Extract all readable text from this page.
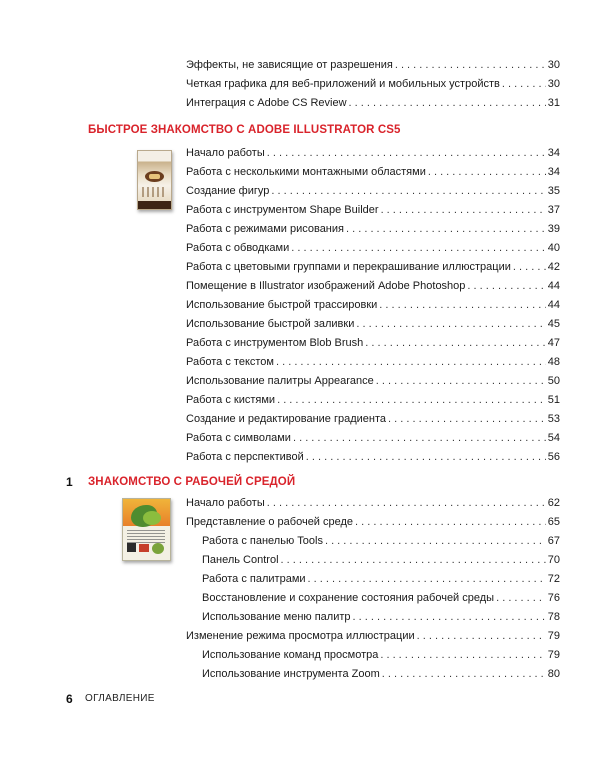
Эффекты, не зависящие от разрешения . . .	30
Четкая графика для веб-приложений и мобильных устройств . . .	30
Интеграция с Adobe CS Review . . .	31
БЫСТРОЕ ЗНАКОМСТВО С ADOBE ILLUSTRATOR CS5
Начало работы . . .	34
Работа с несколькими монтажными областями . . .	34
Создание фигур . . .	35
Работа с инструментом Shape Builder . . .	37
Работа с режимами рисования . . .	39
Работа с обводками . . .	40
Работа с цветовыми группами и перекрашивание иллюстрации . . .	42
Помещение в Illustrator изображений Adobe Photoshop . . .	44
Использование быстрой трассировки . . .	44
Использование быстрой заливки . . .	45
Работа с инструментом Blob Brush . . .	47
Работа с текстом . . .	48
Использование палитры Appearance . . .	50
Работа с кистями . . .	51
Создание и редактирование градиента . . .	53
Работа с символами . . .	54
Работа с перспективой . . .	56
1 ЗНАКОМСТВО С РАБОЧЕЙ СРЕДОЙ
Начало работы . . .	62
Представление о рабочей среде . . .	65
Работа с панелью Tools . . .	67
Панель Control . . .	70
Работа с палитрами . . .	72
Восстановление и сохранение состояния рабочей среды . . .	76
Использование меню палитр . . .	78
Изменение режима просмотра иллюстрации . . .	79
Использование команд просмотра . . .	79
Использование инструмента Zoom . . .	80
6 ОГЛАВЛЕНИЕ
